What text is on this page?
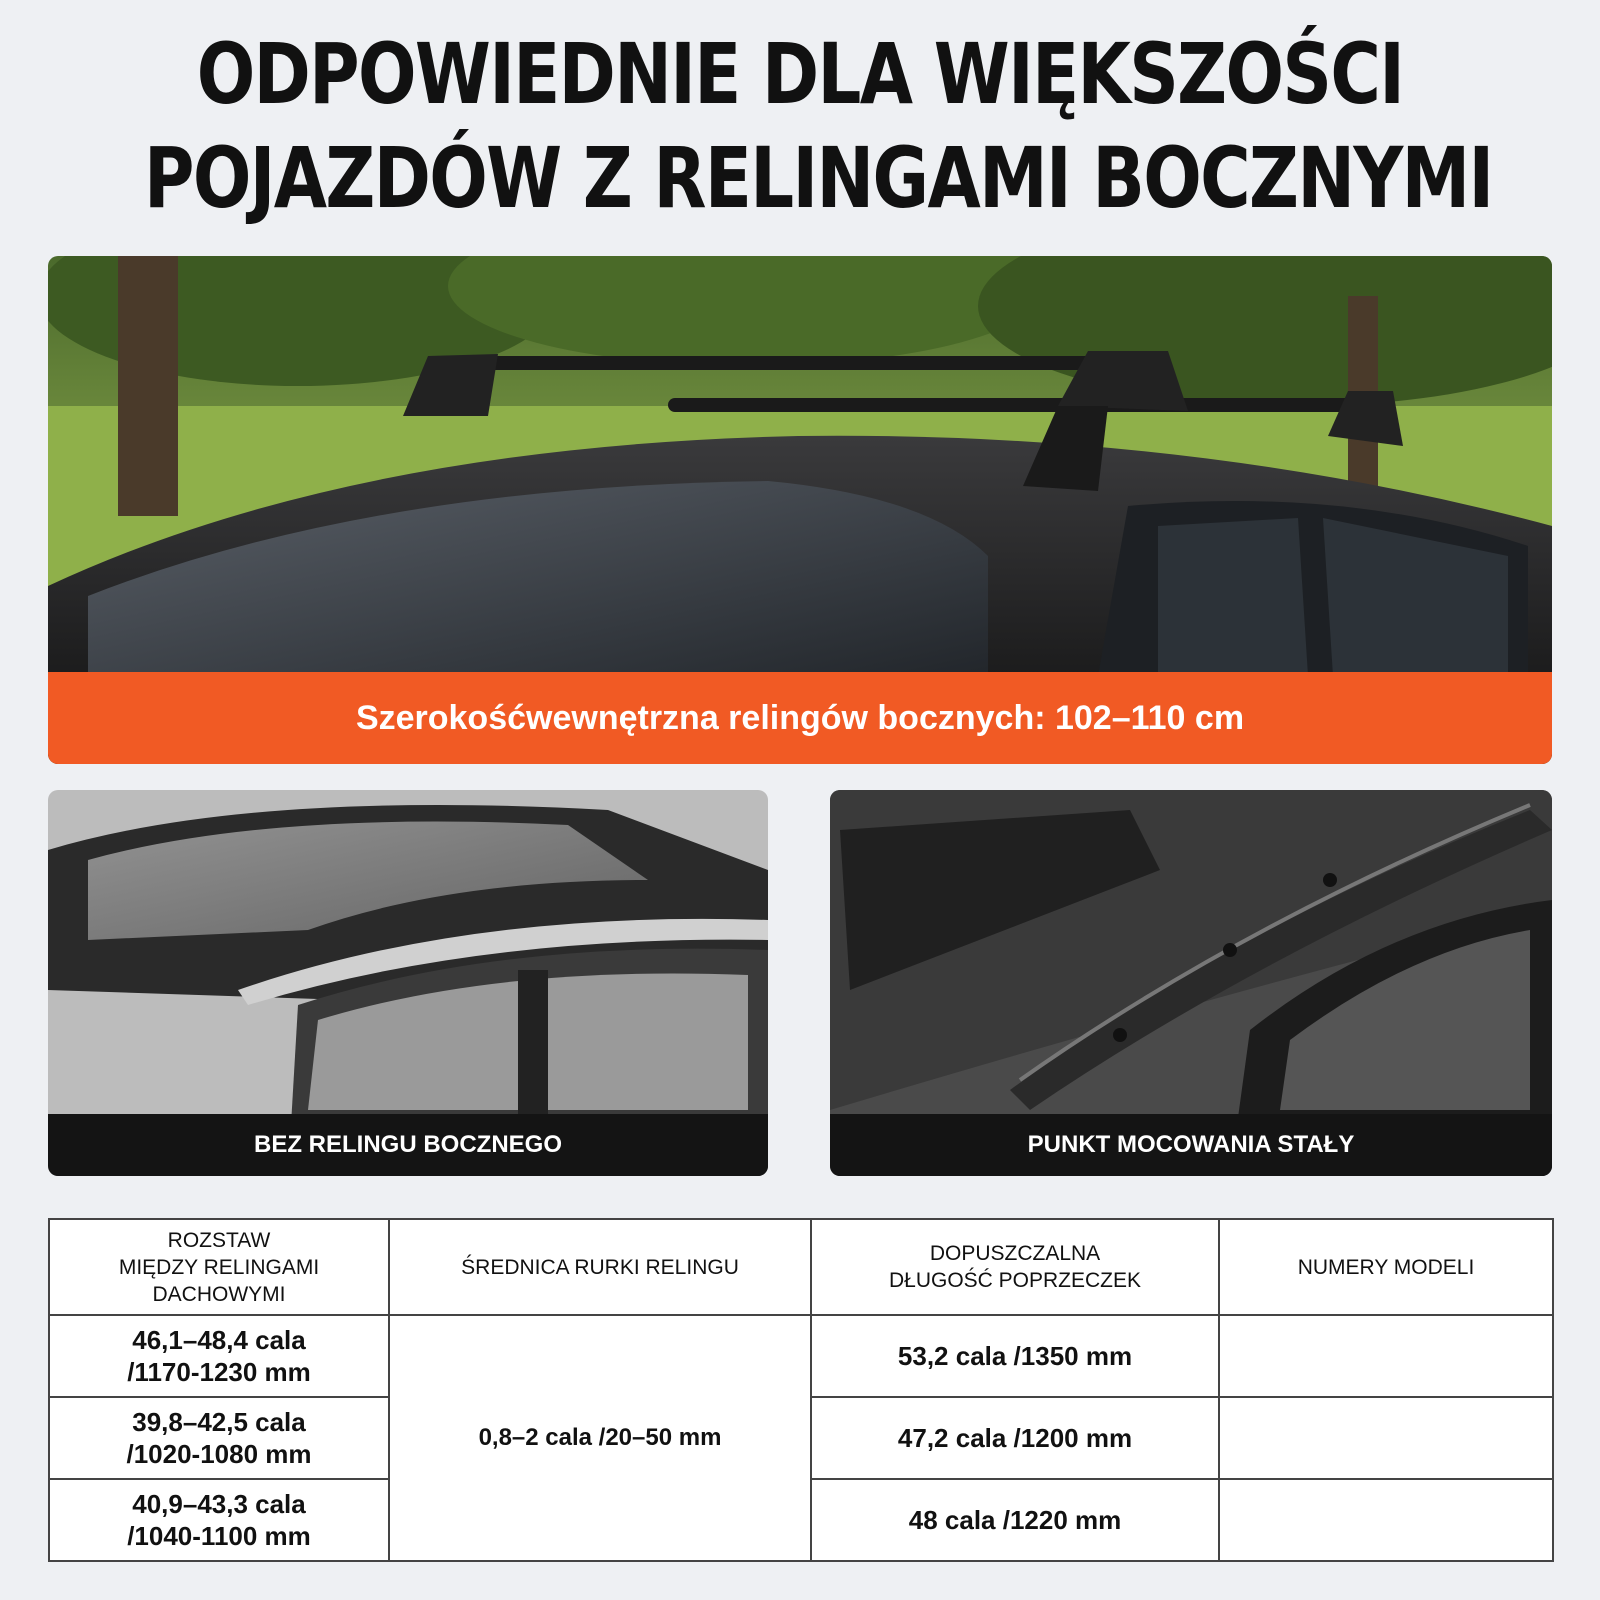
ODPOWIEDNIE DLA WIĘKSZOŚCI
POJAZDÓW Z RELINGAMI BOCZNYMI
Szerokośćwewnętrzna relingów bocznych: 102–110 cm
BEZ RELINGU BOCZNEGO	PUNKT MOCOWANIA STAŁY
ROZSTAW
MIĘDZY RELINGAMI
DACHOWYMI	ŚREDNICA RURKI RELINGU	DOPUSZCZALNA
DŁUGOŚĆ POPRZECZEK	NUMERY MODELI
46,1–48,4 cala
/1170-1230 mm	0,8–2 cala /20–50 mm	53,2 cala /1350 mm	
39,8–42,5 cala
/1020-1080 mm		47,2 cala /1200 mm	
40,9–43,3 cala
/1040-1100 mm		48 cala /1220 mm	
